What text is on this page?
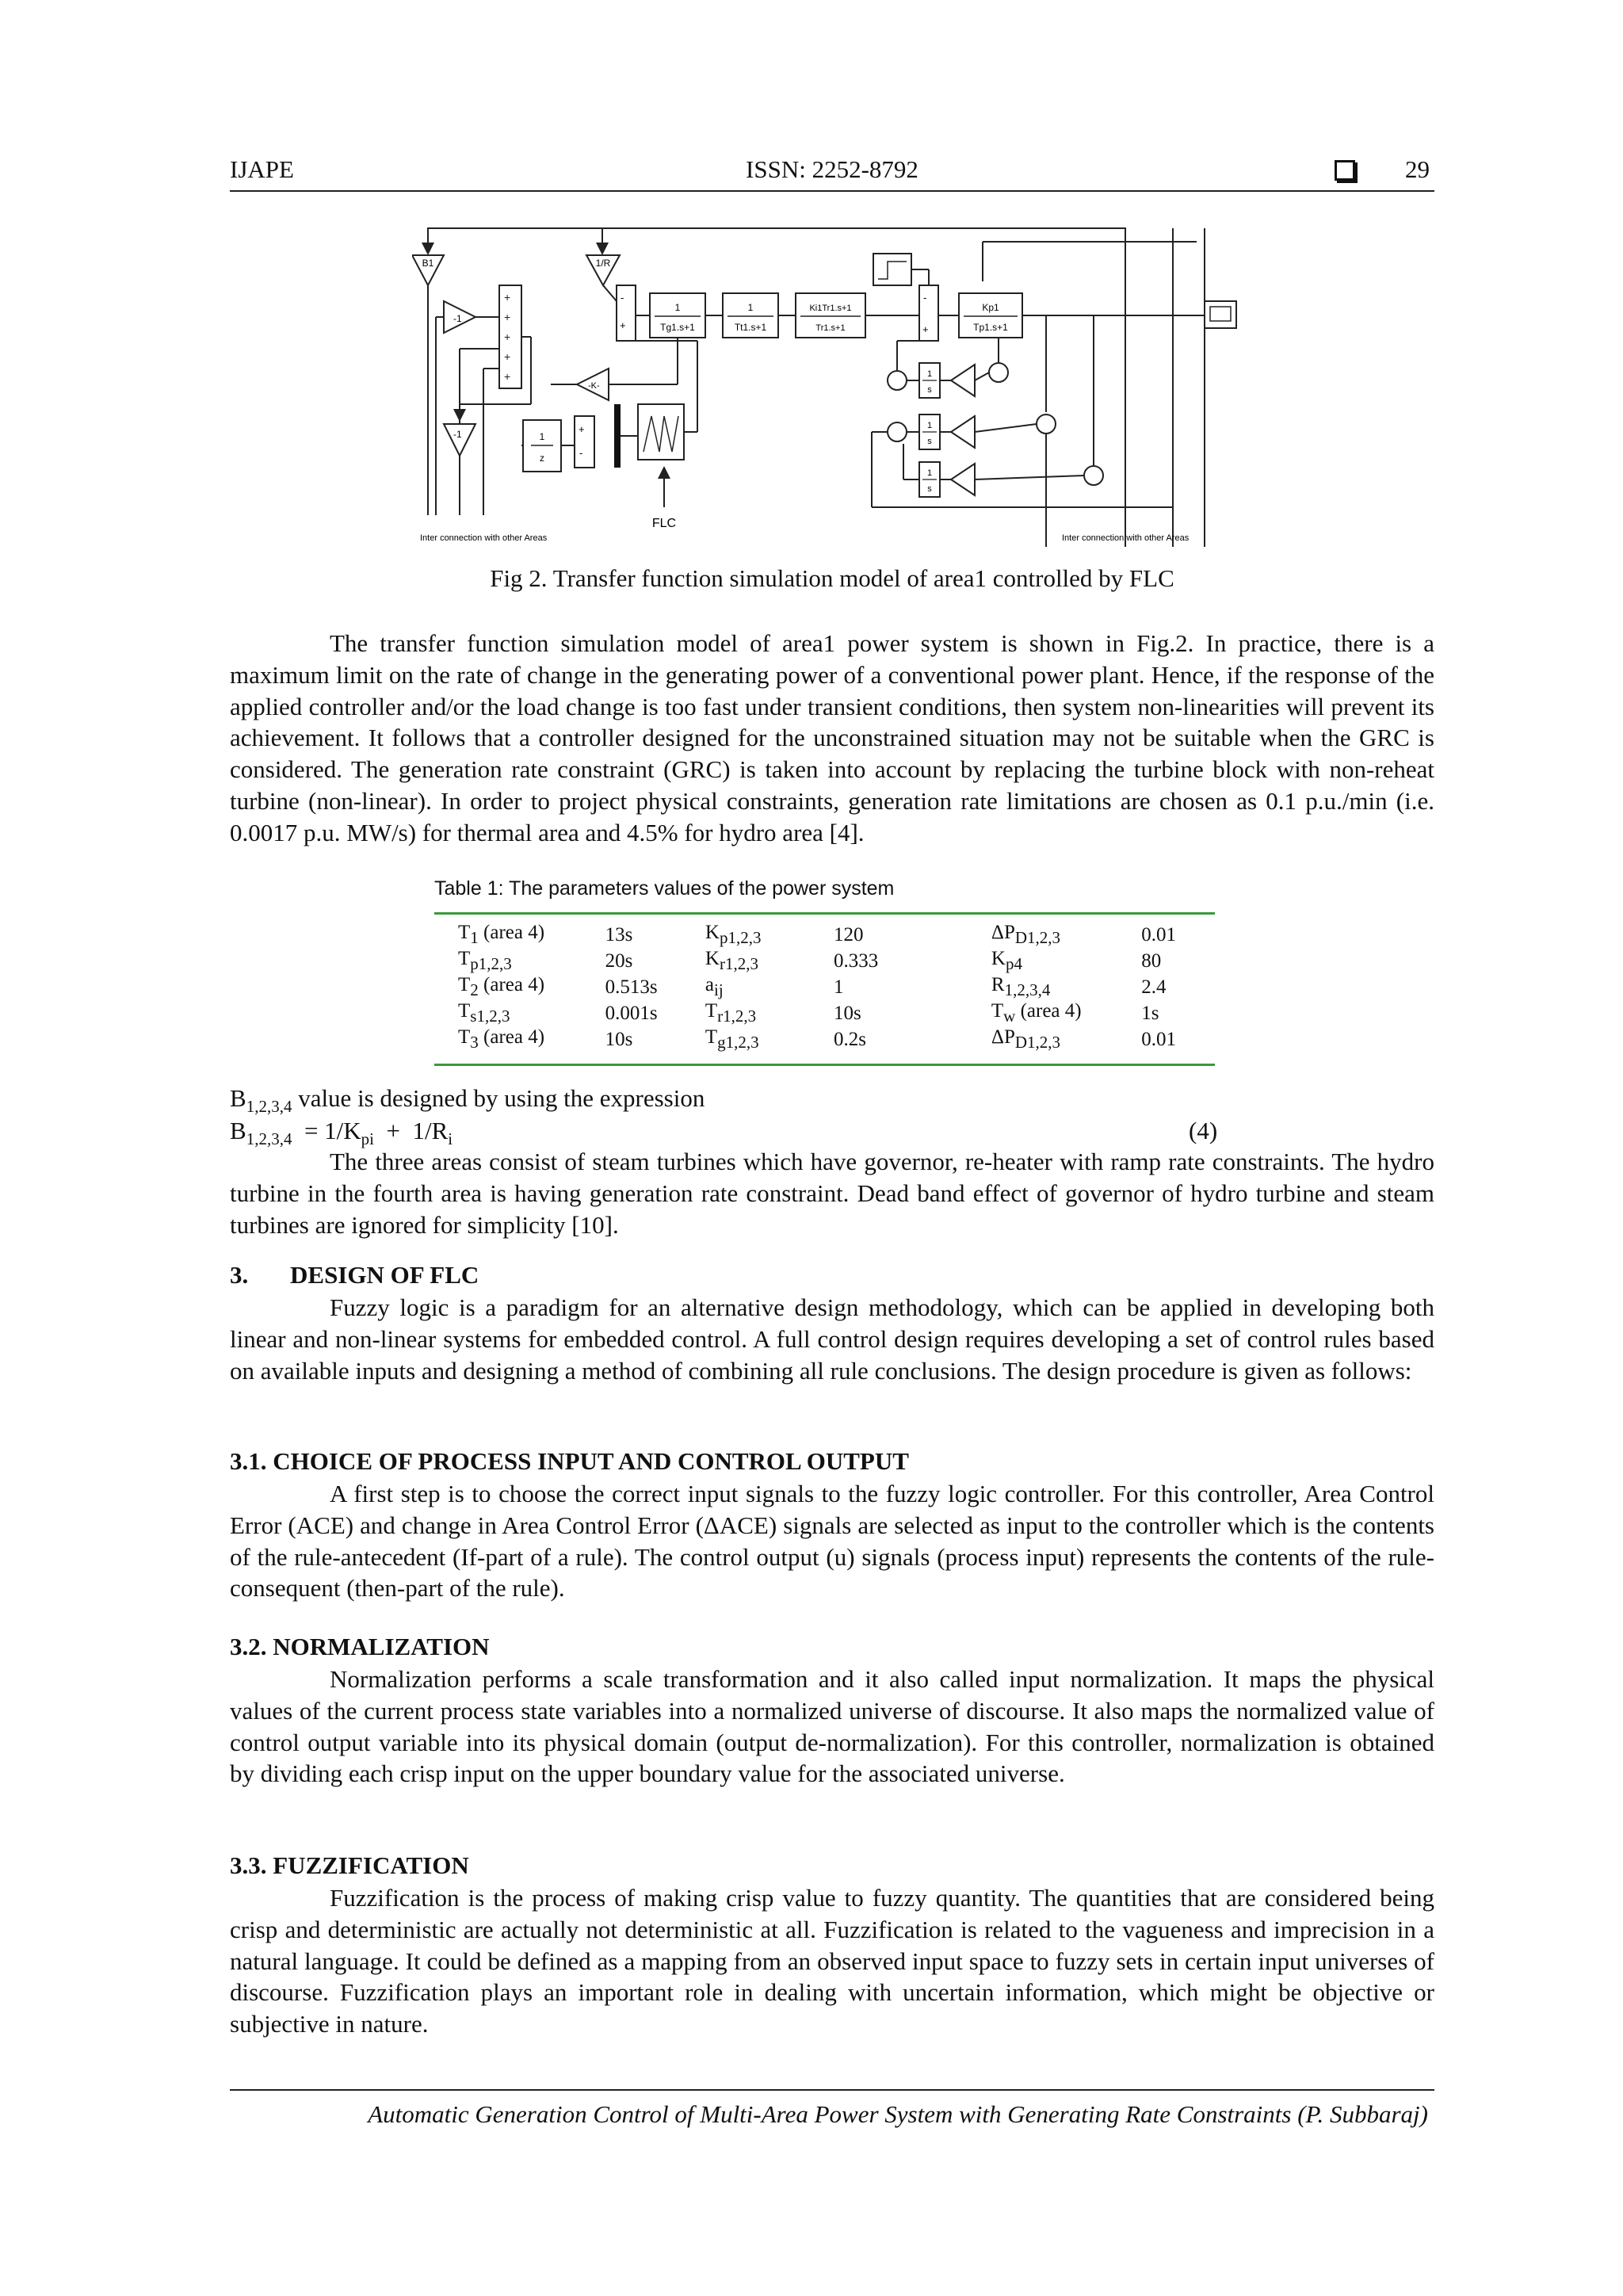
IJAPE	ISSN: 2252-8792	29
B1	1/R
-1
+
+
+
+
+
-1	1
z
+
-
FLC
-K-
-
+
1
Tg1.s+1
1
Tt1.s+1
Ki1Tr1.s+1
Tr1.s+1
-
+
Kp1
Tp1.s+1
1
s
1
s
1
s
Inter connection with other Areas	Inter connection with other Areas
Fig 2. Transfer function simulation model of area1 controlled by FLC

The transfer function simulation model of area1 power system is shown in Fig.2. In practice, there is a maximum limit on the rate of change in the generating power of a conventional power plant. Hence, if the response of the applied controller and/or the load change is too fast under transient conditions, then system non-linearities will prevent its achievement. It follows that a controller designed for the unconstrained situation may not be suitable when the GRC is considered. The generation rate constraint (GRC) is taken into account by replacing the turbine block with non-reheat turbine (non-linear). In order to project physical constraints, generation rate limitations are chosen as 0.1 p.u./min (i.e. 0.0017 p.u. MW/s) for thermal area and 4.5% for hydro area [4].

Table 1: The parameters values of the power system
$T_1$ (area 4)	13s	$K_{p1,2,3}$	120	$\Delta P_{D1,2,3}$	0.01
$T_{p1,2,3}$	20s	$K_{r1,2,3}$	0.333	$K_{p4}$	80
$T_2$ (area 4)	0.513s	$a_{ij}$	1	$R_{1,2,3,4}$	2.4
$T_{s1,2,3}$	0.001s	$T_{r1,2,3}$	10s	$T_w$ (area 4)	1s
$T_3$ (area 4)	10s	$T_{g1,2,3}$	0.2s	$\Delta P_{D1,2,3}$	0.01
$B_{1,2,3,4}$ value is designed by using the expression
$B_{1,2,3,4} = 1/K_{pi} + 1/R_i$	(4)

The three areas consist of steam turbines which have governor, re-heater with ramp rate constraints. The hydro turbine in the fourth area is having generation rate constraint. Dead band effect of governor of hydro turbine and steam turbines are ignored for simplicity [10].

3. DESIGN OF FLC

Fuzzy logic is a paradigm for an alternative design methodology, which can be applied in developing both linear and non-linear systems for embedded control. A full control design requires developing a set of control rules based on available inputs and designing a method of combining all rule conclusions. The design procedure is given as follows:

3.1. CHOICE OF PROCESS INPUT AND CONTROL OUTPUT

A first step is to choose the correct input signals to the fuzzy logic controller. For this controller, Area Control Error (ACE) and change in Area Control Error (ΔACE) signals are selected as input to the controller which is the contents of the rule-antecedent (If-part of a rule). The control output (u) signals (process input) represents the contents of the rule-consequent (then-part of the rule).

3.2. NORMALIZATION

Normalization performs a scale transformation and it also called input normalization. It maps the physical values of the current process state variables into a normalized universe of discourse. It also maps the normalized value of control output variable into its physical domain (output de-normalization). For this controller, normalization is obtained by dividing each crisp input on the upper boundary value for the associated universe.

3.3. FUZZIFICATION

Fuzzification is the process of making crisp value to fuzzy quantity. The quantities that are considered being crisp and deterministic are actually not deterministic at all. Fuzzification is related to the vagueness and imprecision in a natural language. It could be defined as a mapping from an observed input space to fuzzy sets in certain input universes of discourse. Fuzzification plays an important role in dealing with uncertain information, which might be objective or subjective in nature.

Automatic Generation Control of Multi-Area Power System with Generating Rate Constraints (P. Subbaraj)
